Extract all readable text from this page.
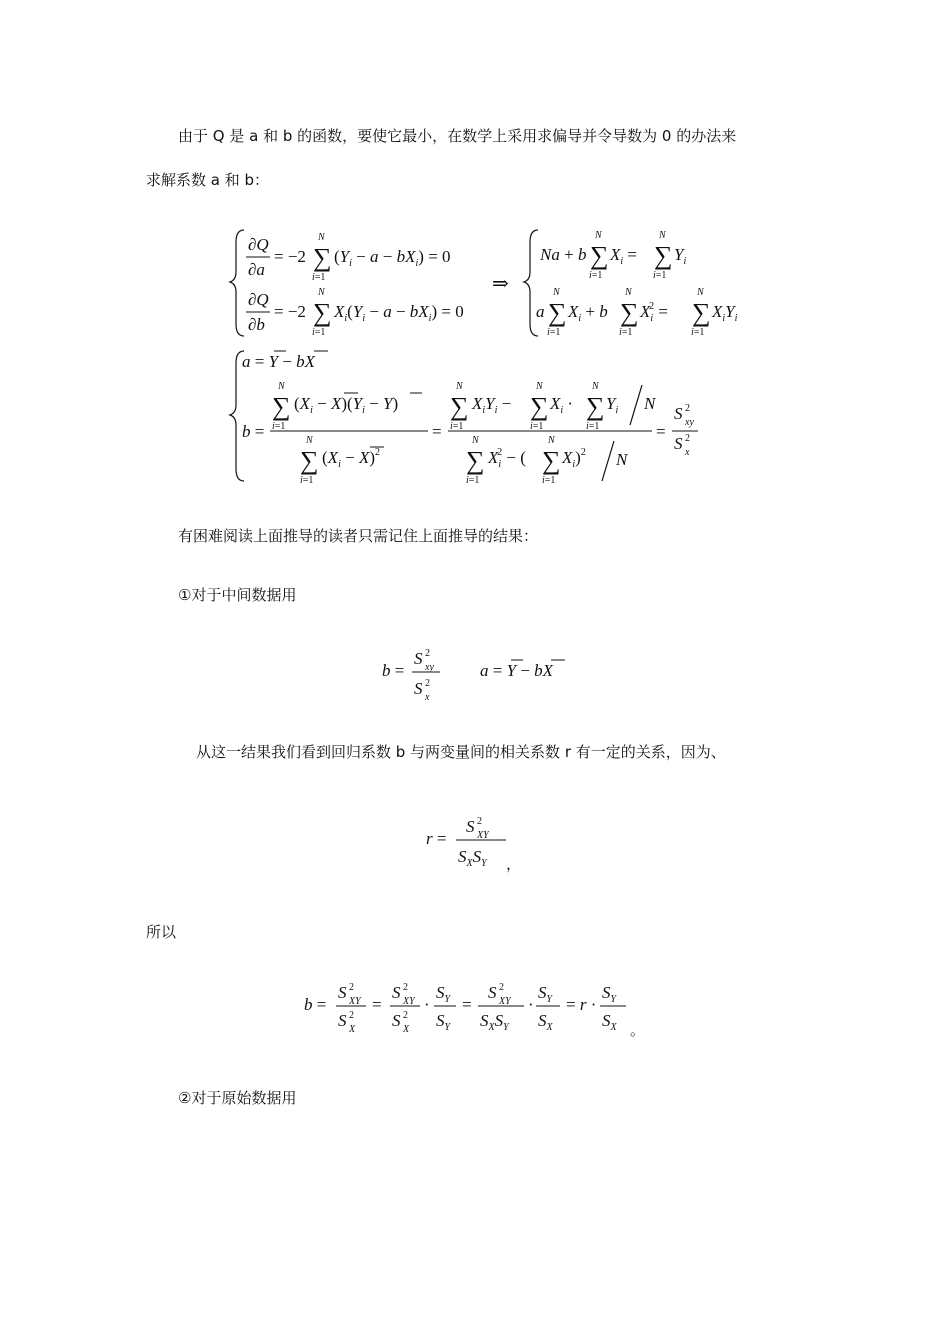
由于 Q 是 a 和 b 的函数，要使它最小，在数学上采用求偏导并令导数为 0 的办法来
求解系数 a 和 b：
∂Q
∂a
= −2 ∑
N
i=1
$(Y_i - a - bX_i) = 0$
∂Q
∂b
= −2 ∑
N
i=1
$X_i(Y_i - a - bX_i) = 0$
⇒
Na + b ∑
N
i=1
$X_i$ = ∑
N
i=1
$Y_i$
a ∑
N
i=1
$X_i + b$ ∑
N
i=1
$X_i2$ = ∑
N
i=1
$X_iY_i$
a = Y − bX
b =
∑
N
i=1
$(X_i - X)(Y_i - Y)$
∑
N
i=1
$(X_i - X)^2$
=
∑
N
i=1
$X_iY_i$ − ∑
N
i=1
$X_i$ · ∑
N
i=1
$Y_i$ N
∑
N
i=1
$X_i2$ − ( ∑
N
i=1
$X_i)^2$ N
=
S 2
xy
S 2
x
有困难阅读上面推导的读者只需记住上面推导的结果：
①对于中间数据用
b =
S 2
xy
S 2
x
a = Y − bX
从这一结果我们看到回归系数 b 与两变量间的相关系数 r 有一定的关系，因为、
r =
S 2
XY
$S_XS_Y$ ，
所以
b =
S 2
XY
S 2
X
=
S 2
XY
S 2
X
·
$S_Y$
$S_Y$
=
S 2
XY
$S_XS_Y$
·
$S_Y$
$S_X$
= r ·
$S_Y$
$S_X$ 。
②对于原始数据用
